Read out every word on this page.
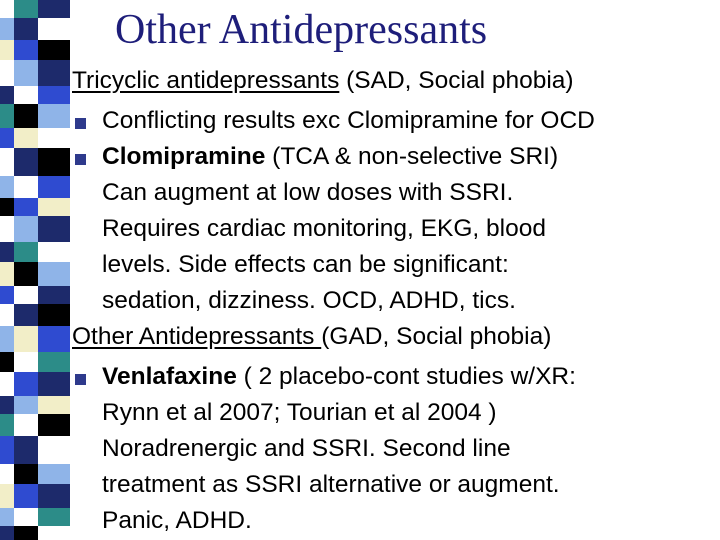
Other Antidepressants
Tricyclic antidepressants (SAD, Social phobia)
Conflicting results exc Clomipramine for OCD
Clomipramine (TCA & non-selective SRI)
Can augment at low doses with SSRI.
Requires cardiac monitoring, EKG, blood
levels. Side effects can be significant:
sedation, dizziness. OCD, ADHD, tics.
Other Antidepressants (GAD, Social phobia)
Venlafaxine ( 2 placebo-cont studies w/XR:
Rynn et al 2007; Tourian et al 2004 )
Noradrenergic and SSRI. Second line
treatment as SSRI alternative or augment.
Panic, ADHD.
